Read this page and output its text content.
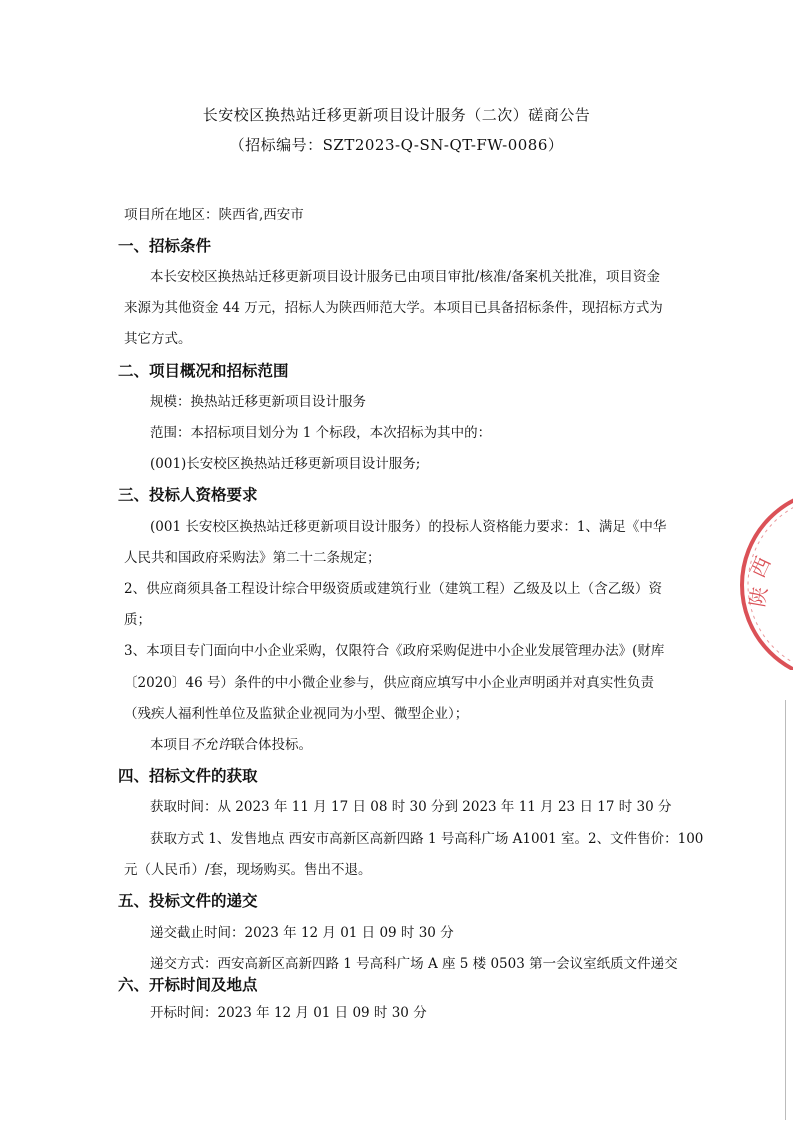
长安校区换热站迁移更新项目设计服务（二次）磋商公告
（招标编号：SZT2023-Q-SN-QT-FW-0086）
项目所在地区：陕西省,西安市
一、招标条件
本长安校区换热站迁移更新项目设计服务已由项目审批/核准/备案机关批准，项目资金
来源为其他资金 44 万元，招标人为陕西师范大学。本项目已具备招标条件，现招标方式为
其它方式。
二、项目概况和招标范围
规模：换热站迁移更新项目设计服务
范围：本招标项目划分为 1 个标段，本次招标为其中的：
(001)长安校区换热站迁移更新项目设计服务;
三、投标人资格要求
(001 长安校区换热站迁移更新项目设计服务）的投标人资格能力要求：1、满足《中华
人民共和国政府采购法》第二十二条规定；
2、供应商须具备工程设计综合甲级资质或建筑行业（建筑工程）乙级及以上（含乙级）资
质；
3、本项目专门面向中小企业采购，仅限符合《政府采购促进中小企业发展管理办法》(财库
〔2020〕46 号）条件的中小微企业参与，供应商应填写中小企业声明函并对真实性负责
（残疾人福利性单位及监狱企业视同为小型、微型企业）；
本项目不允许联合体投标。
四、招标文件的获取
获取时间：从 2023 年 11 月 17 日 08 时 30 分到 2023 年 11 月 23 日 17 时 30 分
获取方式 1、发售地点 西安市高新区高新四路 1 号高科广场 A1001 室。2、文件售价：100
元（人民币）/套，现场购买。售出不退。
五、投标文件的递交
递交截止时间：2023 年 12 月 01 日 09 时 30 分
递交方式：西安高新区高新四路 1 号高科广场 A 座 5 楼 0503 第一会议室纸质文件递交
六、开标时间及地点
开标时间：2023 年 12 月 01 日 09 时 30 分
陕
西
